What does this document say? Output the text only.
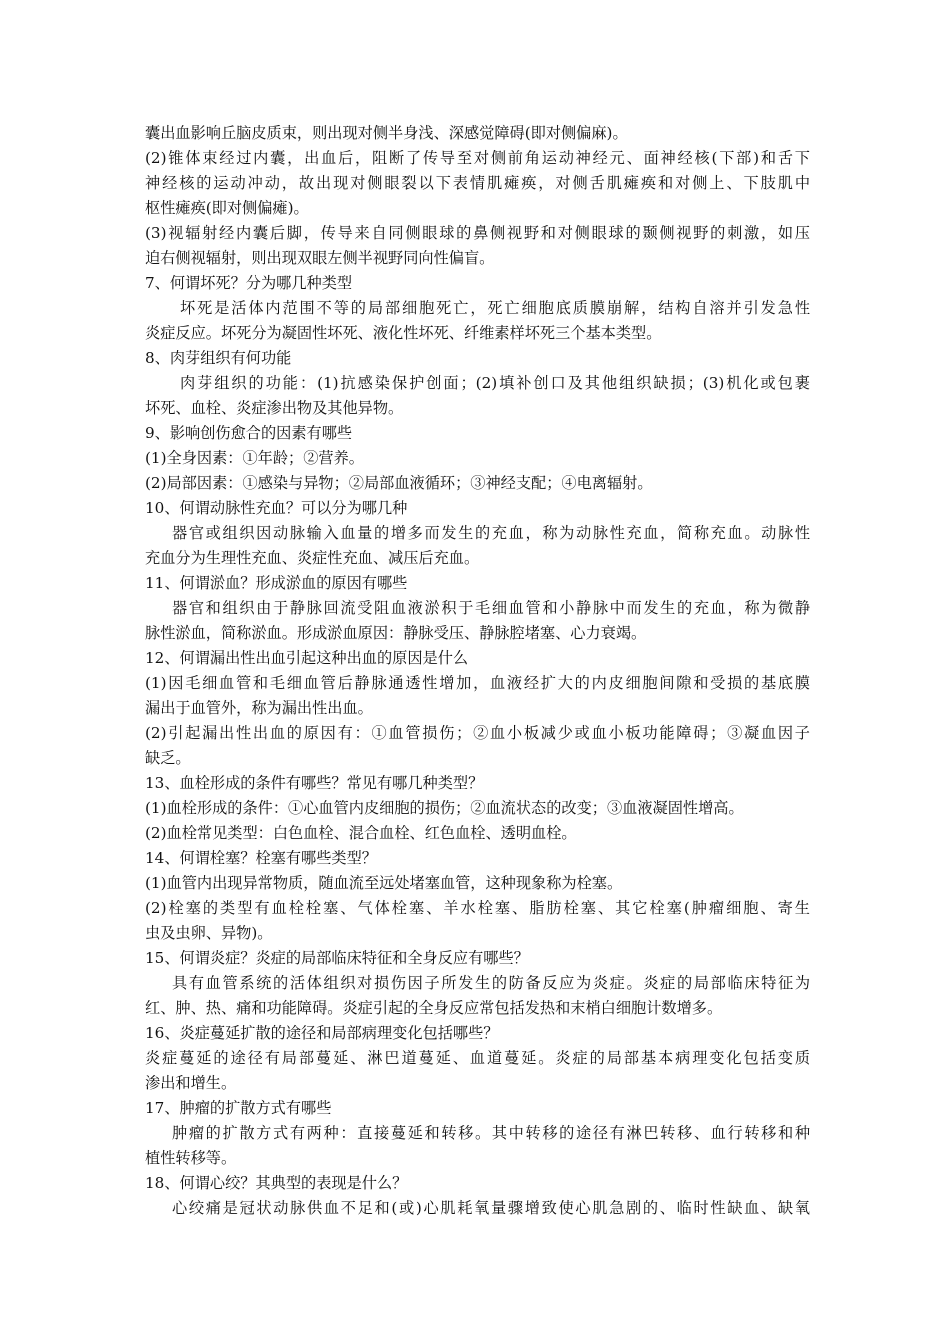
囊出血影响丘脑皮质束，则出现对侧半身浅、深感觉障碍(即对侧偏麻)。
(2)锥体束经过内囊，出血后，阻断了传导至对侧前角运动神经元、面神经核(下部)和舌下
神经核的运动冲动，故出现对侧眼裂以下表情肌瘫痪，对侧舌肌瘫痪和对侧上、下肢肌中
枢性瘫痪(即对侧偏瘫)。
(3)视辐射经内囊后脚，传导来自同侧眼球的鼻侧视野和对侧眼球的颞侧视野的刺激，如压
迫右侧视辐射，则出现双眼左侧半视野同向性偏盲。
7、何谓坏死？分为哪几种类型
坏死是活体内范围不等的局部细胞死亡，死亡细胞底质膜崩解，结构自溶并引发急性
炎症反应。坏死分为凝固性坏死、液化性坏死、纤维素样坏死三个基本类型。
8、肉芽组织有何功能
肉芽组织的功能：(1)抗感染保护创面；(2)填补创口及其他组织缺损；(3)机化或包裹
坏死、血栓、炎症渗出物及其他异物。
9、影响创伤愈合的因素有哪些
(1)全身因素：①年龄；②营养。
(2)局部因素：①感染与异物；②局部血液循环；③神经支配；④电离辐射。
10、何谓动脉性充血？可以分为哪几种
器官或组织因动脉输入血量的增多而发生的充血，称为动脉性充血，简称充血。动脉性
充血分为生理性充血、炎症性充血、减压后充血。
11、何谓淤血？形成淤血的原因有哪些
器官和组织由于静脉回流受阻血液淤积于毛细血管和小静脉中而发生的充血，称为微静
脉性淤血，简称淤血。形成淤血原因：静脉受压、静脉腔堵塞、心力衰竭。
12、何谓漏出性出血引起这种出血的原因是什么
(1)因毛细血管和毛细血管后静脉通透性增加，血液经扩大的内皮细胞间隙和受损的基底膜
漏出于血管外，称为漏出性出血。
(2)引起漏出性出血的原因有：①血管损伤；②血小板减少或血小板功能障碍；③凝血因子
缺乏。
13、血栓形成的条件有哪些？常见有哪几种类型？
(1)血栓形成的条件：①心血管内皮细胞的损伤；②血流状态的改变；③血液凝固性增高。
(2)血栓常见类型：白色血栓、混合血栓、红色血栓、透明血栓。
14、何谓栓塞？栓塞有哪些类型？
(1)血管内出现异常物质，随血流至远处堵塞血管，这种现象称为栓塞。
(2)栓塞的类型有血栓栓塞、气体栓塞、羊水栓塞、脂肪栓塞、其它栓塞(肿瘤细胞、寄生
虫及虫卵、异物)。
15、何谓炎症？炎症的局部临床特征和全身反应有哪些？
具有血管系统的活体组织对损伤因子所发生的防备反应为炎症。炎症的局部临床特征为
红、肿、热、痛和功能障碍。炎症引起的全身反应常包括发热和末梢白细胞计数增多。
16、炎症蔓延扩散的途径和局部病理变化包括哪些？
炎症蔓延的途径有局部蔓延、淋巴道蔓延、血道蔓延。炎症的局部基本病理变化包括变质
渗出和增生。
17、肿瘤的扩散方式有哪些
肿瘤的扩散方式有两种：直接蔓延和转移。其中转移的途径有淋巴转移、血行转移和种
植性转移等。
18、何谓心绞？其典型的表现是什么？
心绞痛是冠状动脉供血不足和(或)心肌耗氧量骤增致使心肌急剧的、临时性缺血、缺氧
